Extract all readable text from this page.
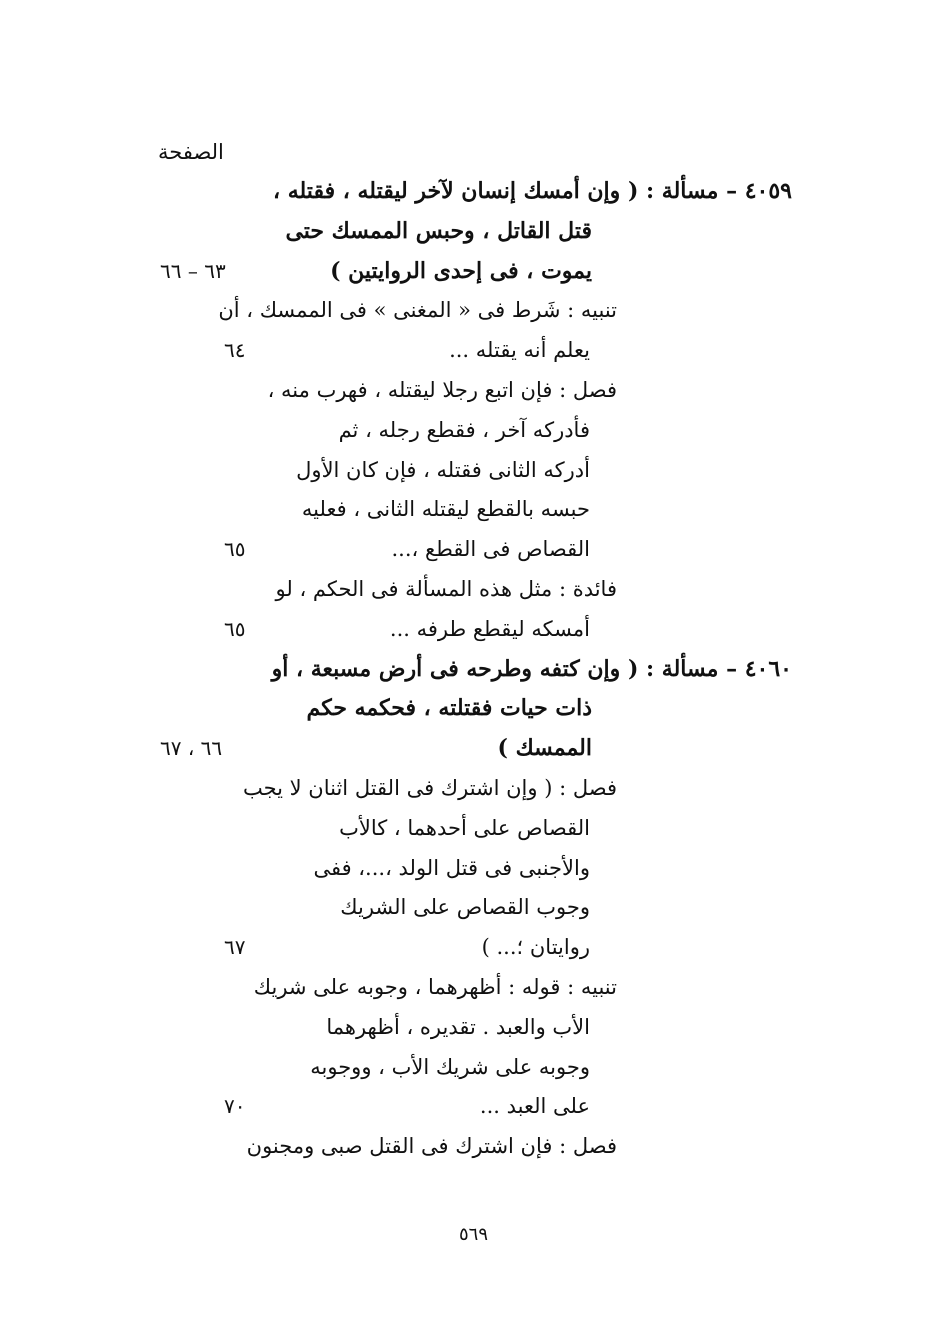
الصفحة
٤٠٥٩ – مسألة : ( وإن أمسك إنسان لآخر ليقتله ، فقتله ،
قتل القاتل ، وحبس الممسك حتى
يموت ، فى إحدى الروايتين )
٦٣ – ٦٦
تنبيه : شَرط فى « المغنى » فى الممسك ، أن
يعلم أنه يقتله ...
٦٤
فصل : فإن اتبع رجلا ليقتله ، فهرب منه ،
فأدركه آخر ، فقطع رجله ، ثم
أدركه الثانى فقتله ، فإن كان الأول
حبسه بالقطع ليقتله الثانى ، فعليه
القصاص فى القطع ،...
٦٥
فائدة : مثل هذه المسألة فى الحكم ، لو
أمسكه ليقطع طرفه ...
٦٥
٤٠٦٠ – مسألة : ( وإن كتفه وطرحه فى أرض مسبعة ، أو
ذات حيات فقتلته ، فحكمه حكم
الممسك )
٦٦ ، ٦٧
فصل : ( وإن اشترك فى القتل اثنان لا يجب
القصاص على أحدهما ، كالأب
والأجنبى فى قتل الولد ،...، ففى
وجوب القصاص على الشريك
روايتان ؛... )
٦٧
تنبيه : قوله : أظهرهما ، وجوبه على شريك
الأب والعبد . تقديره ، أظهرهما
وجوبه على شريك الأب ، ووجوبه
على العبد ...
٧٠
فصل : فإن اشترك فى القتل صبى ومجنون
٥٦٩
